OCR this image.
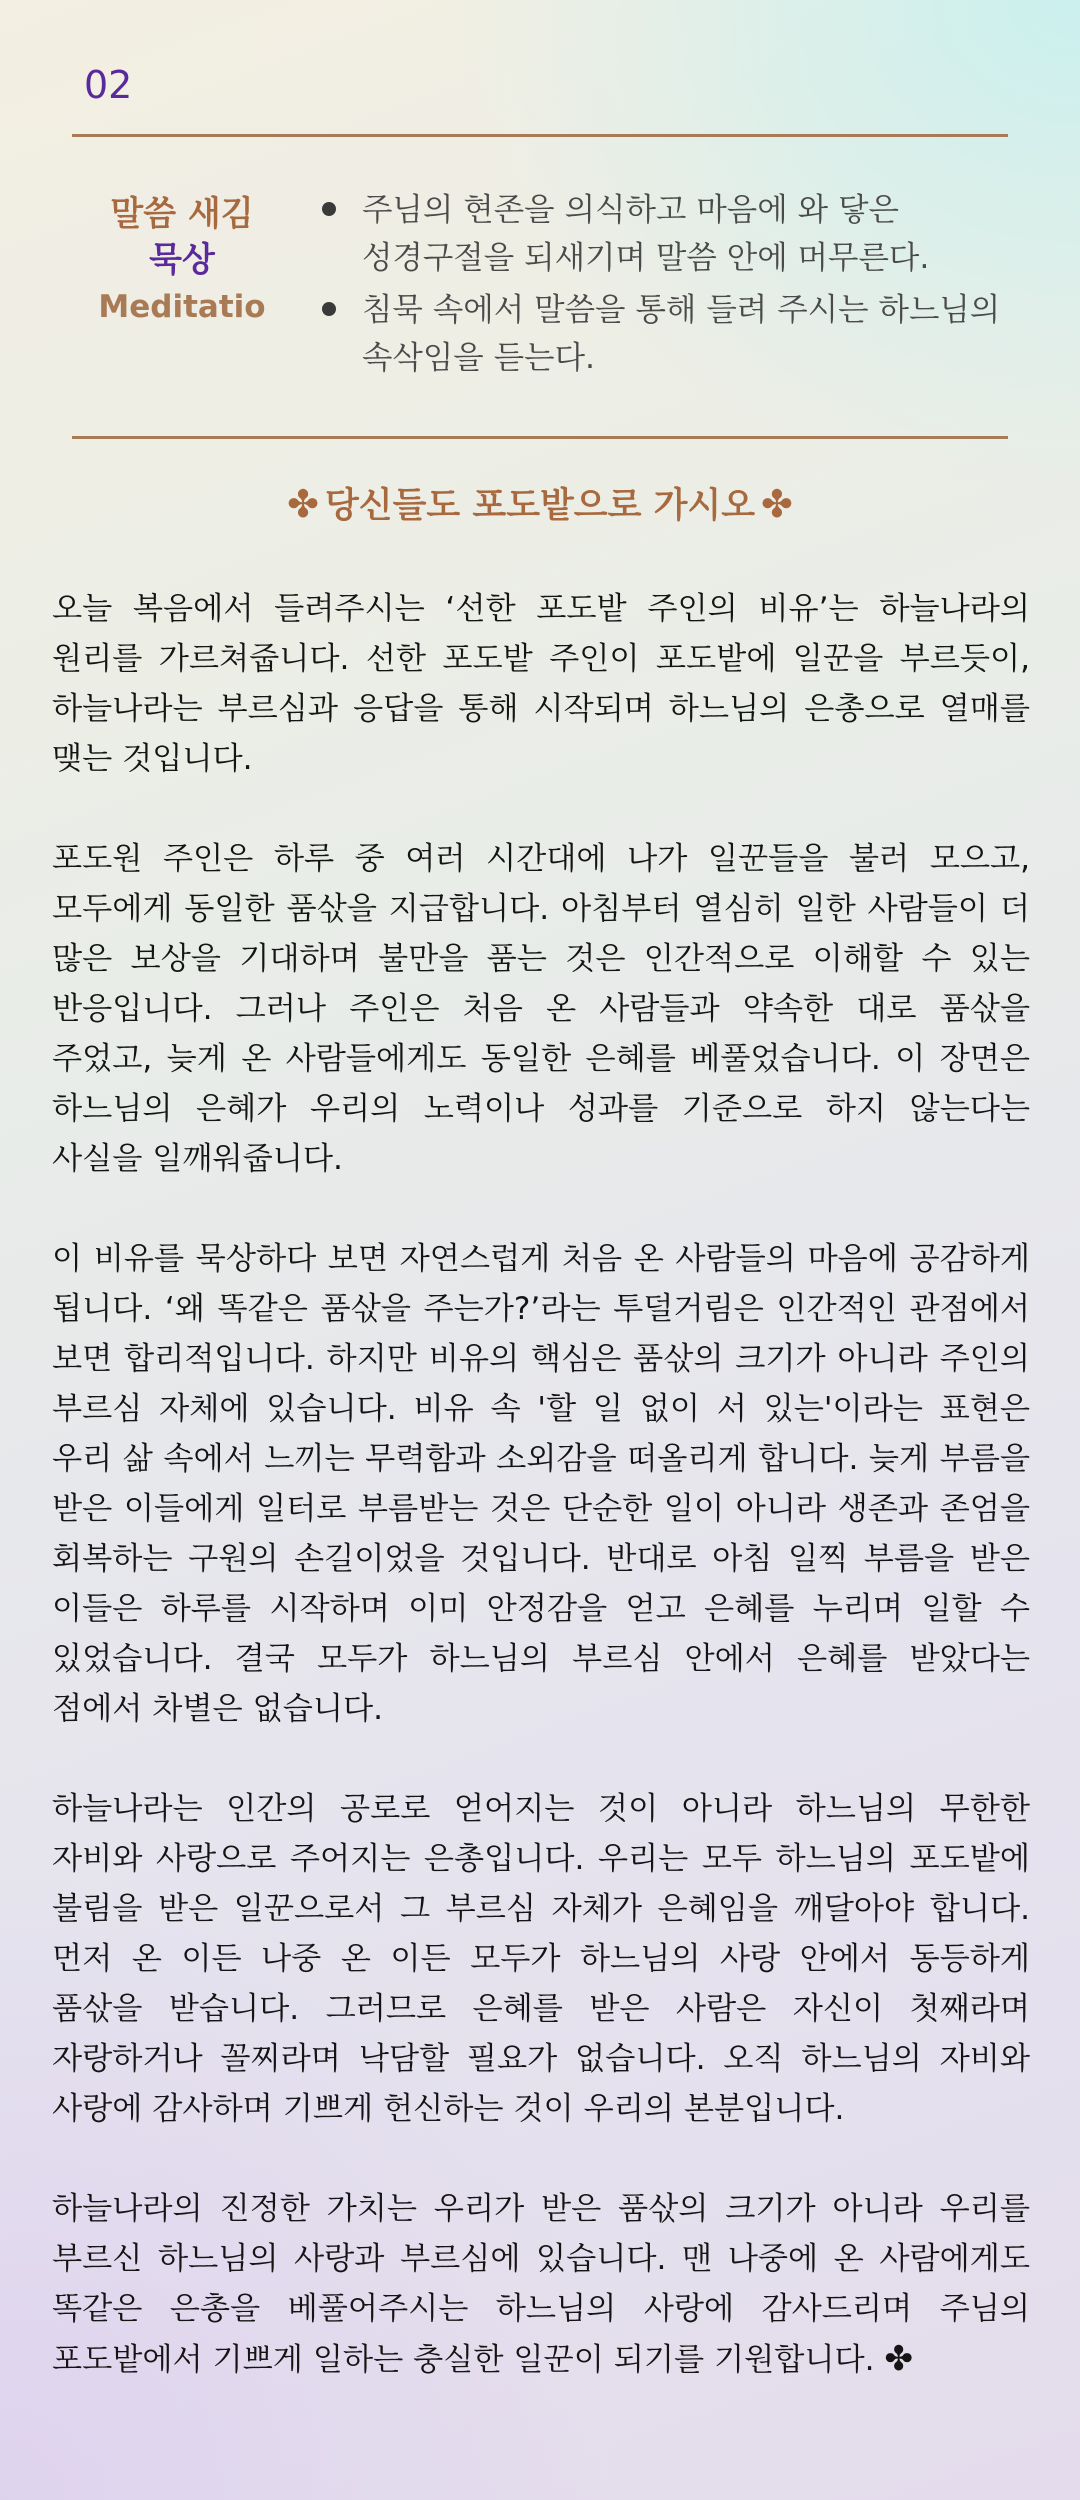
02
말씀 새김
묵상
Meditatio
주님의 현존을 의식하고 마음에 와 닿은 성경구절을 되새기며 말씀 안에 머무른다.
침묵 속에서 말씀을 통해 들려 주시는 하느님의 속삭임을 듣는다.
✤ 당신들도 포도밭으로 가시오 ✤

오늘 복음에서 들려주시는 ‘선한 포도밭 주인의 비유’는 하늘나라의 원리를 가르쳐줍니다. 선한 포도밭 주인이 포도밭에 일꾼을 부르듯이, 하늘나라는 부르심과 응답을 통해 시작되며 하느님의 은총으로 열매를 맺는 것입니다.

포도원 주인은 하루 중 여러 시간대에 나가 일꾼들을 불러 모으고, 모두에게 동일한 품삯을 지급합니다. 아침부터 열심히 일한 사람들이 더 많은 보상을 기대하며 불만을 품는 것은 인간적으로 이해할 수 있는 반응입니다. 그러나 주인은 처음 온 사람들과 약속한 대로 품삯을 주었고, 늦게 온 사람들에게도 동일한 은혜를 베풀었습니다. 이 장면은 하느님의 은혜가 우리의 노력이나 성과를 기준으로 하지 않는다는 사실을 일깨워줍니다.

이 비유를 묵상하다 보면 자연스럽게 처음 온 사람들의 마음에 공감하게 됩니다. ‘왜 똑같은 품삯을 주는가?’라는 투덜거림은 인간적인 관점에서 보면 합리적입니다. 하지만 비유의 핵심은 품삯의 크기가 아니라 주인의 부르심 자체에 있습니다. 비유 속 '할 일 없이 서 있는'이라는 표현은 우리 삶 속에서 느끼는 무력함과 소외감을 떠올리게 합니다. 늦게 부름을 받은 이들에게 일터로 부름받는 것은 단순한 일이 아니라 생존과 존엄을 회복하는 구원의 손길이었을 것입니다. 반대로 아침 일찍 부름을 받은 이들은 하루를 시작하며 이미 안정감을 얻고 은혜를 누리며 일할 수 있었습니다. 결국 모두가 하느님의 부르심 안에서 은혜를 받았다는 점에서 차별은 없습니다.

하늘나라는 인간의 공로로 얻어지는 것이 아니라 하느님의 무한한 자비와 사랑으로 주어지는 은총입니다. 우리는 모두 하느님의 포도밭에 불림을 받은 일꾼으로서 그 부르심 자체가 은혜임을 깨달아야 합니다. 먼저 온 이든 나중 온 이든 모두가 하느님의 사랑 안에서 동등하게 품삯을 받습니다. 그러므로 은혜를 받은 사람은 자신이 첫째라며 자랑하거나 꼴찌라며 낙담할 필요가 없습니다. 오직 하느님의 자비와 사랑에 감사하며 기쁘게 헌신하는 것이 우리의 본분입니다.

하늘나라의 진정한 가치는 우리가 받은 품삯의 크기가 아니라 우리를 부르신 하느님의 사랑과 부르심에 있습니다. 맨 나중에 온 사람에게도 똑같은 은총을 베풀어주시는 하느님의 사랑에 감사드리며 주님의 포도밭에서 기쁘게 일하는 충실한 일꾼이 되기를 기원합니다. ✤
